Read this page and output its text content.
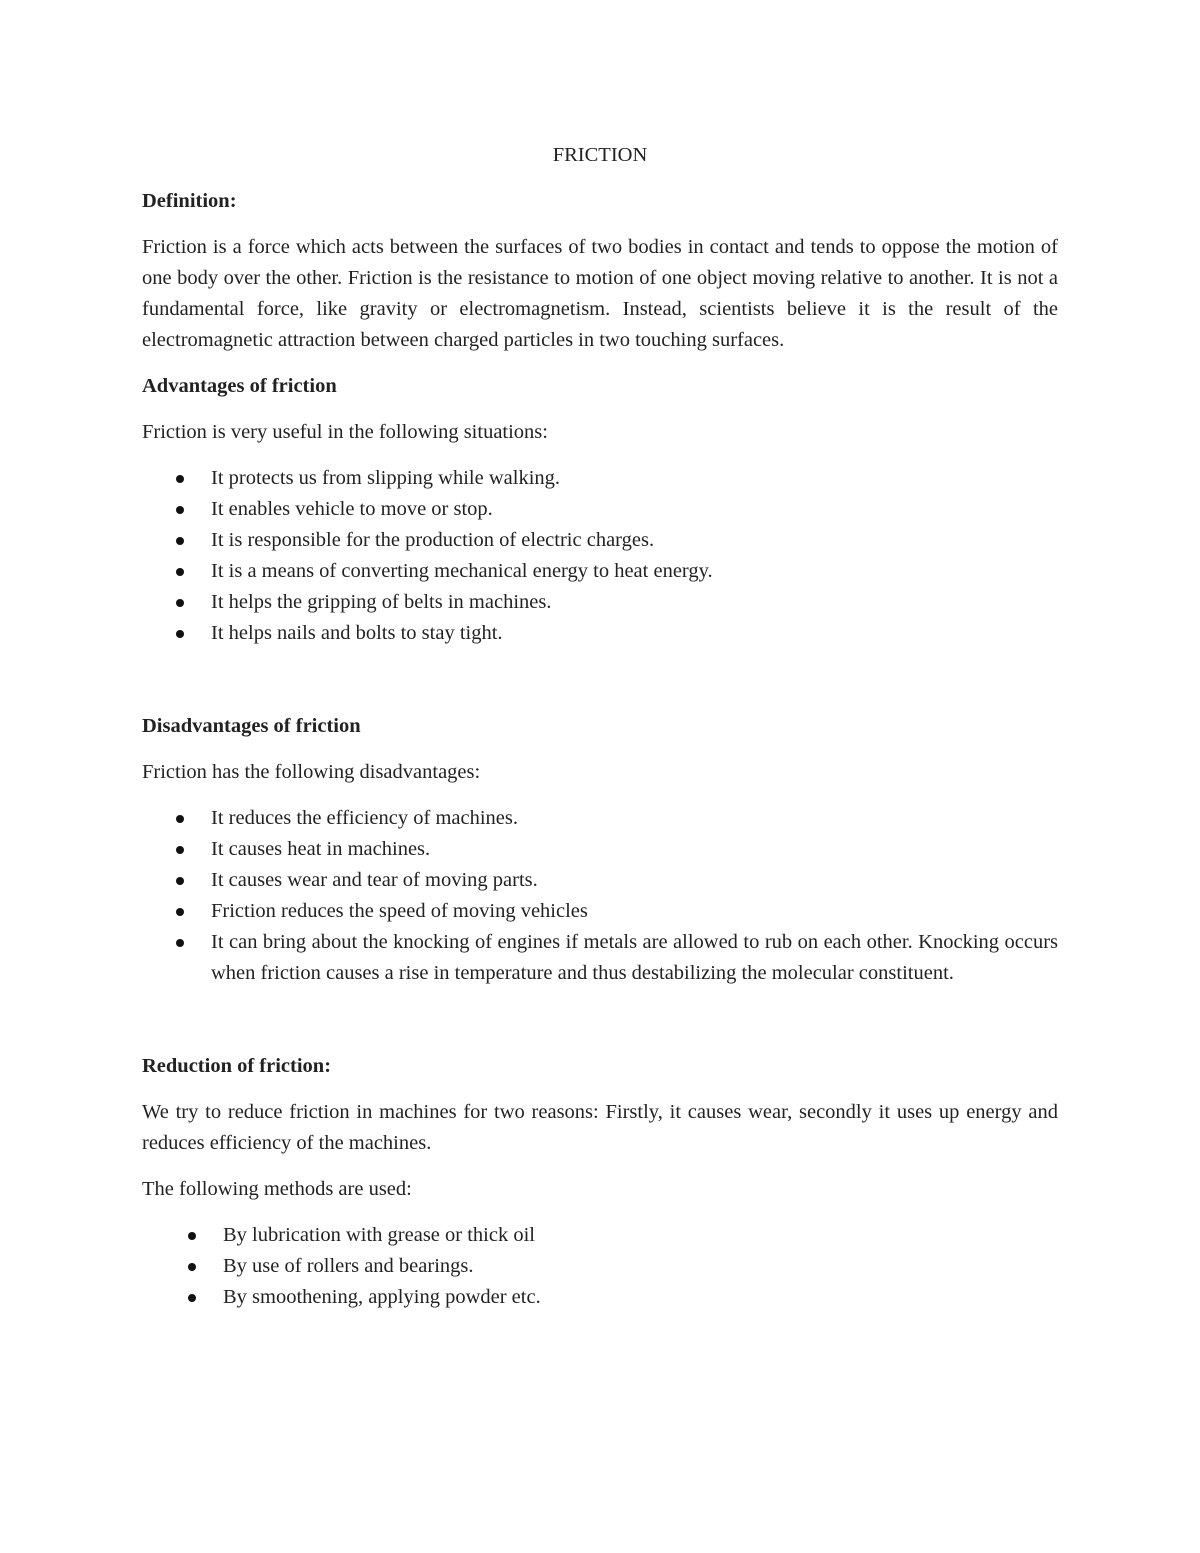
FRICTION
Definition:

Friction is a force which acts between the surfaces of two bodies in contact and tends to oppose the motion of one body over the other. Friction is the resistance to motion of one object moving relative to another. It is not a fundamental force, like gravity or electromagnetism. Instead, scientists believe it is the result of the electromagnetic attraction between charged particles in two touching surfaces.

Advantages of friction

Friction is very useful in the following situations:

It protects us from slipping while walking.
It enables vehicle to move or stop.
It is responsible for the production of electric charges.
It is a means of converting mechanical energy to heat energy.
It helps the gripping of belts in machines.
It helps nails and bolts to stay tight.
Disadvantages of friction

Friction has the following disadvantages:

It reduces the efficiency of machines.
It causes heat in machines.
It causes wear and tear of moving parts.
Friction reduces the speed of moving vehicles
It can bring about the knocking of engines if metals are allowed to rub on each other. Knocking occurs when friction causes a rise in temperature and thus destabilizing the molecular constituent.
Reduction of friction:

We try to reduce friction in machines for two reasons: Firstly, it causes wear, secondly it uses up energy and reduces efficiency of the machines.

The following methods are used:

By lubrication with grease or thick oil
By use of rollers and bearings.
By smoothening, applying powder etc.
